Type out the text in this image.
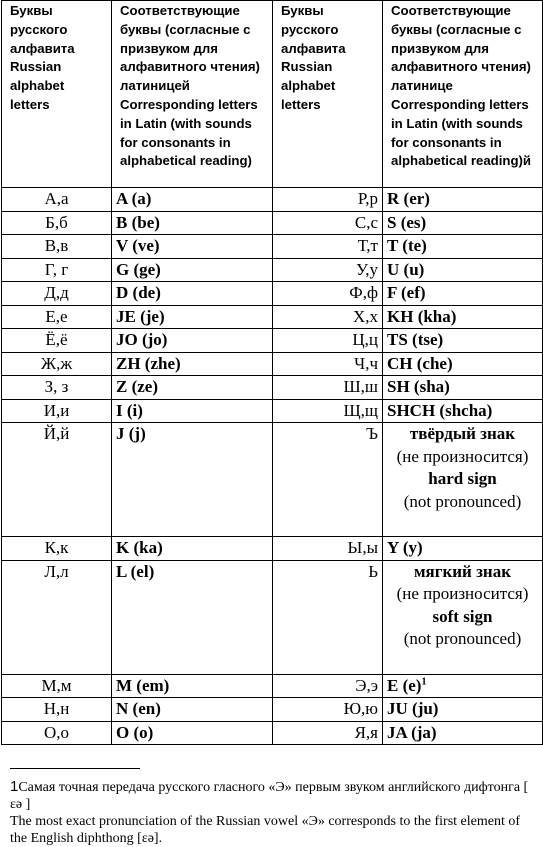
Буквы русского алфавита Russian alphabet letters	Соответствующие буквы (согласные с призвуком для алфавитного чтения) латиницей Corresponding letters in Latin (with sounds for consonants in alphabetical reading)	Буквы русского алфавита Russian alphabet letters	Соответствующие буквы (согласные с призвуком для алфавитного чтения) латинице Corresponding letters in Latin (with sounds for consonants in alphabetical reading)й
А,а	A (a)	Р,р	R (er)
Б,б	B (be)	С,с	S (es)
В,в	V (ve)	Т,т	T (te)
Г, г	G (ge)	У,у	U (u)
Д,д	D (de)	Ф,ф	F (ef)
Е,е	JE (je)	Х,х	KH (kha)
Ё,ё	JO (jo)	Ц,ц	TS (tse)
Ж,ж	ZH (zhe)	Ч,ч	CH (che)
З, з	Z (ze)	Ш,ш	SH (sha)
И,и	I (i)	Щ,щ	SHCH (shcha)
Й,й	J (j)	Ъ	твёрдый знак
(не произносится)
hard sign
(not pronounced)

К,к	K (ka)	Ы,ы	Y (y)
Л,л	L (el)	Ь	мягкий знак
(не произносится)
soft sign
(not pronounced)

М,м	M (em)	Э,э	E (e)$^1$
Н,н	N (en)	Ю,ю	JU (ju)
О,о	O (o)	Я,я	JA (ja)
1Самая точная передача русского гласного «Э» первым звуком английского дифтонга [ ɛə ]
The most exact pronunciation of the Russian vowel «Э» corresponds to the first element of the English diphthong [ɛə].
